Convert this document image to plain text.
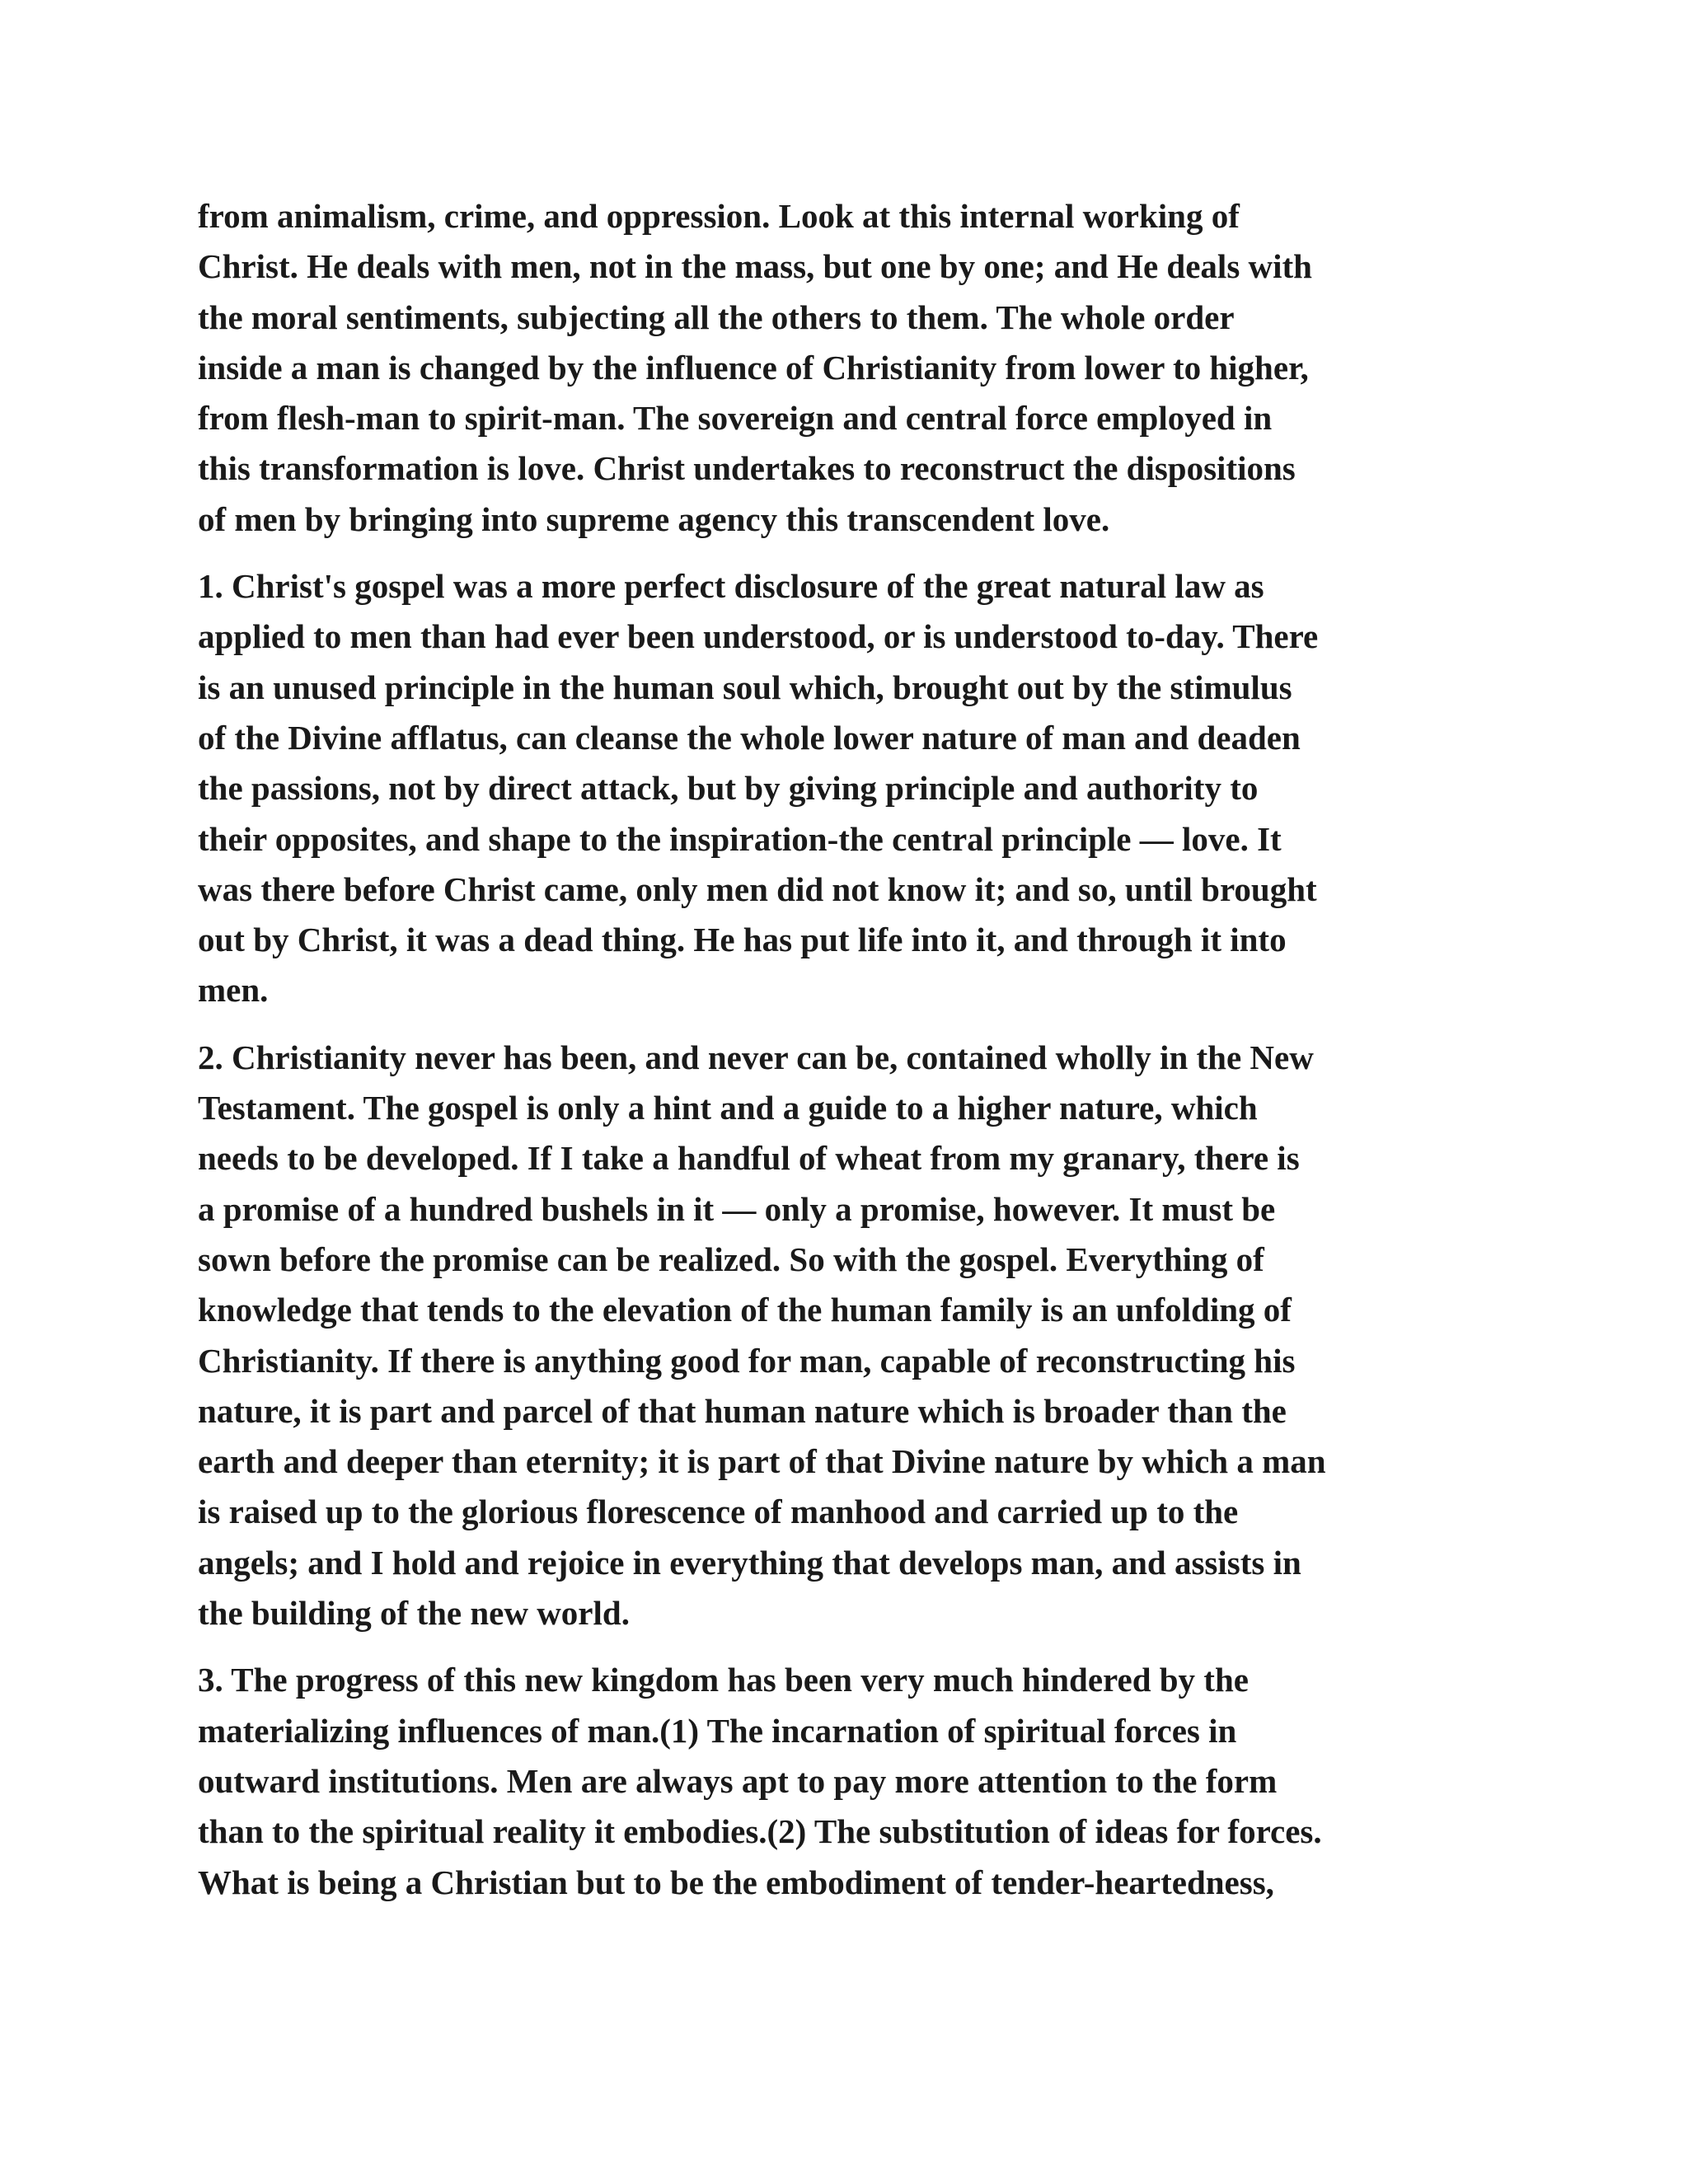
from animalism, crime, and oppression. Look at this internal working of
Christ. He deals with men, not in the mass, but one by one; and He deals with
the moral sentiments, subjecting all the others to them. The whole order
inside a man is changed by the influence of Christianity from lower to higher,
from flesh-man to spirit-man. The sovereign and central force employed in
this transformation is love. Christ undertakes to reconstruct the dispositions
of men by bringing into supreme agency this transcendent love.

1. Christ's gospel was a more perfect disclosure of the great natural law as
applied to men than had ever been understood, or is understood to-day. There
is an unused principle in the human soul which, brought out by the stimulus
of the Divine afflatus, can cleanse the whole lower nature of man and deaden
the passions, not by direct attack, but by giving principle and authority to
their opposites, and shape to the inspiration-the central principle — love. It
was there before Christ came, only men did not know it; and so, until brought
out by Christ, it was a dead thing. He has put life into it, and through it into
men.

2. Christianity never has been, and never can be, contained wholly in the New
Testament. The gospel is only a hint and a guide to a higher nature, which
needs to be developed. If I take a handful of wheat from my granary, there is
a promise of a hundred bushels in it — only a promise, however. It must be
sown before the promise can be realized. So with the gospel. Everything of
knowledge that tends to the elevation of the human family is an unfolding of
Christianity. If there is anything good for man, capable of reconstructing his
nature, it is part and parcel of that human nature which is broader than the
earth and deeper than eternity; it is part of that Divine nature by which a man
is raised up to the glorious florescence of manhood and carried up to the
angels; and I hold and rejoice in everything that develops man, and assists in
the building of the new world.

3. The progress of this new kingdom has been very much hindered by the
materializing influences of man.(1) The incarnation of spiritual forces in
outward institutions. Men are always apt to pay more attention to the form
than to the spiritual reality it embodies.(2) The substitution of ideas for forces.
What is being a Christian but to be the embodiment of tender-heartedness,
